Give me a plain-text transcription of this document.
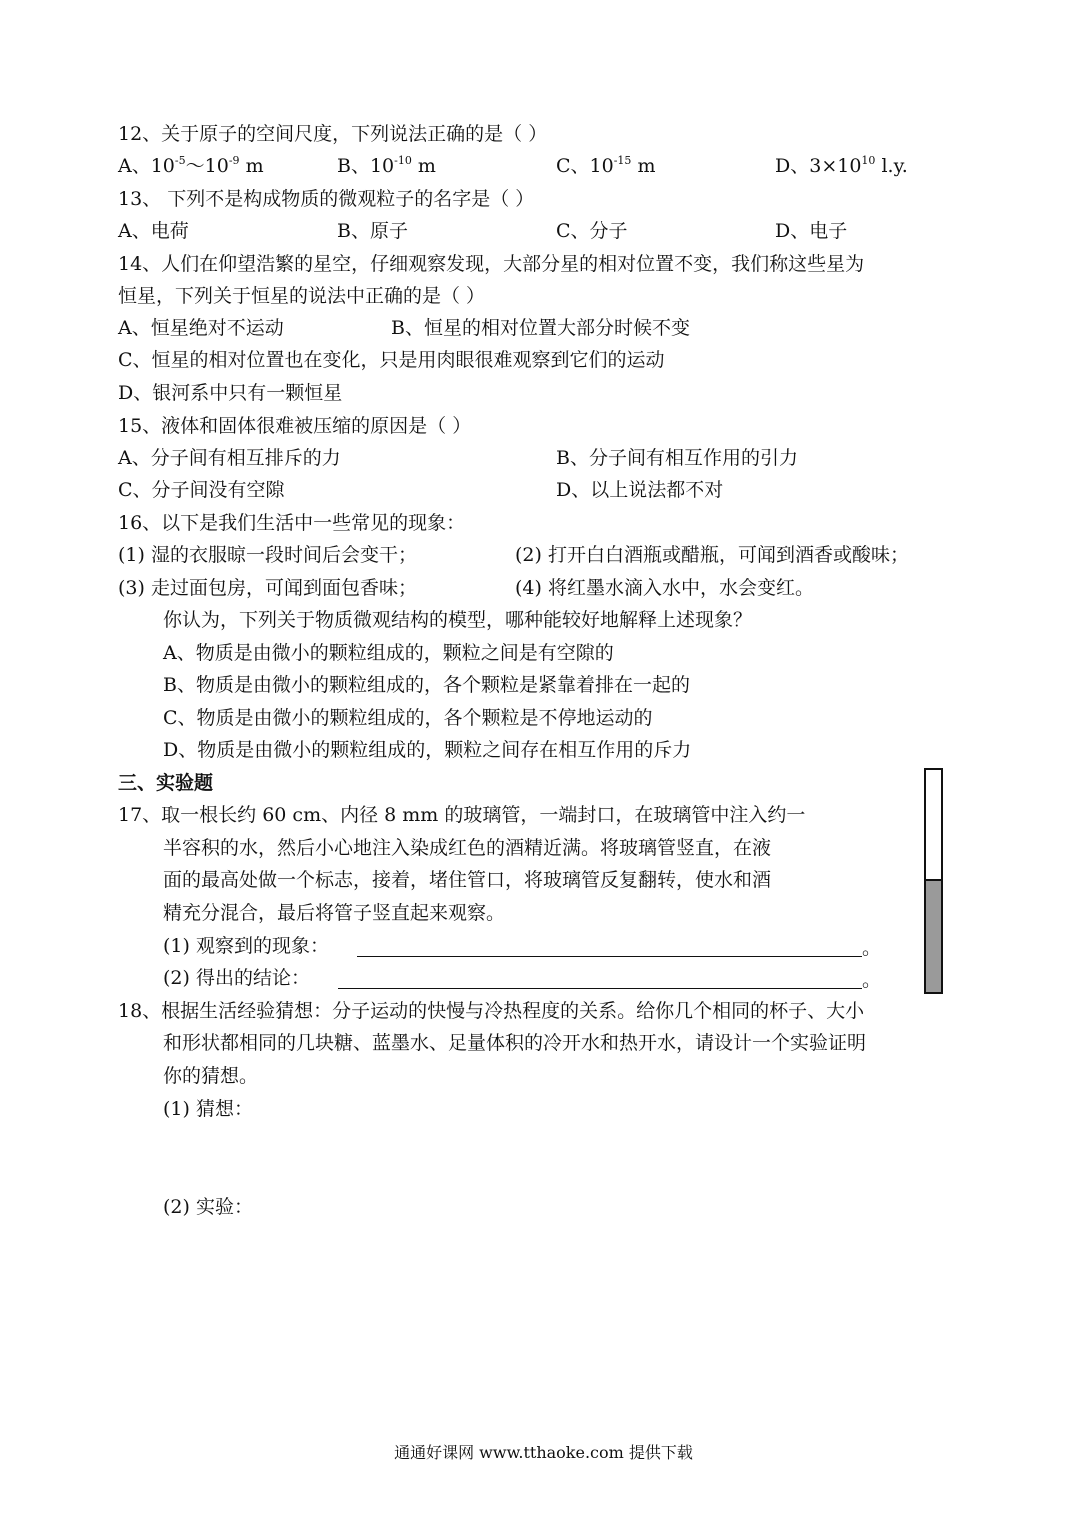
12、关于原子的空间尺度，下列说法正确的是（ ）
A、$10^{-5}\sim 10^{-9}$ m	B、$10^{-10}$ m	C、$10^{-15}$ m	D、$3\times 10^{10}$ l.y.
13、 下列不是构成物质的微观粒子的名字是（ ）
A、电荷	B、原子	C、分子	D、电子
14、人们在仰望浩繁的星空，仔细观察发现，大部分星的相对位置不变，我们称这些星为
恒星，下列关于恒星的说法中正确的是（ ）
A、恒星绝对不运动	B、恒星的相对位置大部分时候不变
C、恒星的相对位置也在变化，只是用肉眼很难观察到它们的运动
D、银河系中只有一颗恒星
15、液体和固体很难被压缩的原因是（ ）
A、分子间有相互排斥的力	B、分子间有相互作用的引力
C、分子间没有空隙	D、以上说法都不对
16、以下是我们生活中一些常见的现象：
(1) 湿的衣服晾一段时间后会变干；	(2) 打开白白酒瓶或醋瓶，可闻到酒香或酸味；
(3) 走过面包房，可闻到面包香味；	(4) 将红墨水滴入水中，水会变红。
你认为，下列关于物质微观结构的模型，哪种能较好地解释上述现象？
A、物质是由微小的颗粒组成的，颗粒之间是有空隙的
B、物质是由微小的颗粒组成的，各个颗粒是紧靠着排在一起的
C、物质是由微小的颗粒组成的，各个颗粒是不停地运动的
D、物质是由微小的颗粒组成的，颗粒之间存在相互作用的斥力
三、实验题
17、取一根长约 60 cm、内径 8 mm 的玻璃管，一端封口，在玻璃管中注入约一
半容积的水，然后小心地注入染成红色的酒精近满。将玻璃管竖直，在液
面的最高处做一个标志，接着，堵住管口，将玻璃管反复翻转，使水和酒
精充分混合，最后将管子竖直起来观察。
(1) 观察到的现象：	。
(2) 得出的结论：	。
18、根据生活经验猜想：分子运动的快慢与冷热程度的关系。给你几个相同的杯子、大小
和形状都相同的几块糖、蓝墨水、足量体积的冷开水和热开水，请设计一个实验证明
你的猜想。
(1) 猜想：
(2) 实验：
通通好课网 www.tthaoke.com 提供下载
